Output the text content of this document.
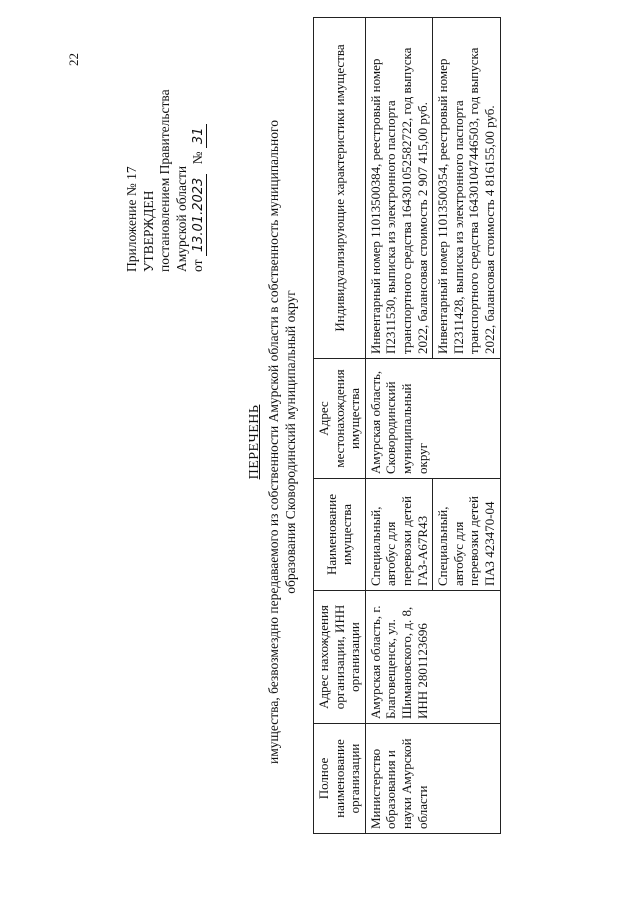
22
Приложение № 17 УТВЕРЖДЕН постановлением Правительства Амурской области от 13.01.2023 № 31
ПЕРЕЧЕНЬ имущества, безвозмездно передаваемого из собственности Амурской области в собственность муниципального образования Сковородинский муниципальный округ
Полное наименование организации	Адрес нахождения организации, ИНН организации	Наименование имущества	Адрес местонахождения имущества	Индивидуализирующие характеристики имущества
Министерство образования и науки Амурской области	Амурская область, г. Благовещенск, ул. Шимановского, д. 8, ИНН 2801123696	Специальный, автобус для перевозки детей ГАЗ-А67R43	Амурская область, Сковородинский муниципальный округ	Инвентарный номер 11013500384, реестровый номер П2311530, выписка из электронного паспорта транспортного средства 164301052582722, год выпуска 2022, балансовая стоимость 2 907 415,00 руб.
		Специальный, автобус для перевозки детей ПАЗ 423470-04		Инвентарный номер 11013500354, реестровый номер П2311428, выписка из электронного паспорта транспортного средства 164301047446503, год выпуска 2022, балансовая стоимость 4 816155,00 руб.
